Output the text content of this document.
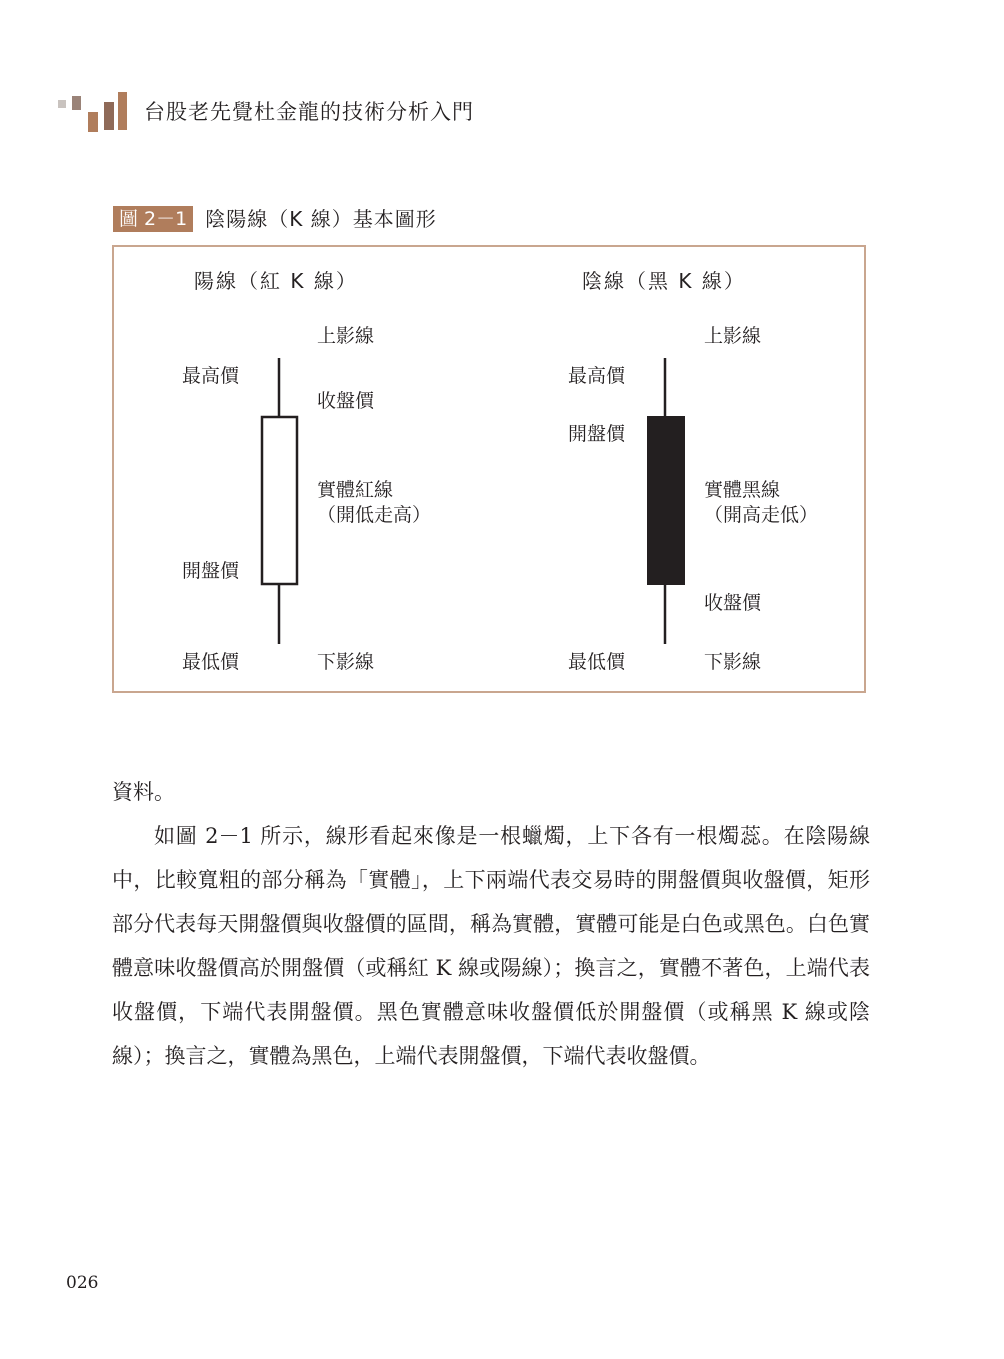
台股老先覺杜金龍的技術分析入門
圖 2－1 陰陽線（K 線）基本圖形
陽線（紅 K 線）
上影線
最高價
收盤價
實體紅線
（開低走高）
開盤價
最低價	下影線
陰線（黑 K 線）
上影線
最高價
開盤價
實體黑線
（開高走低）
收盤價
最低價	下影線

資料。

如圖 2－1 所示，線形看起來像是一根蠟燭，上下各有一根燭蕊。在陰陽線中，比較寬粗的部分稱為「實體」，上下兩端代表交易時的開盤價與收盤價，矩形部分代表每天開盤價與收盤價的區間，稱為實體，實體可能是白色或黑色。白色實體意味收盤價高於開盤價（或稱紅 K 線或陽線）；換言之，實體不著色，上端代表收盤價，下端代表開盤價。黑色實體意味收盤價低於開盤價（或稱黑 K 線或陰線）；換言之，實體為黑色，上端代表開盤價，下端代表收盤價。

026
